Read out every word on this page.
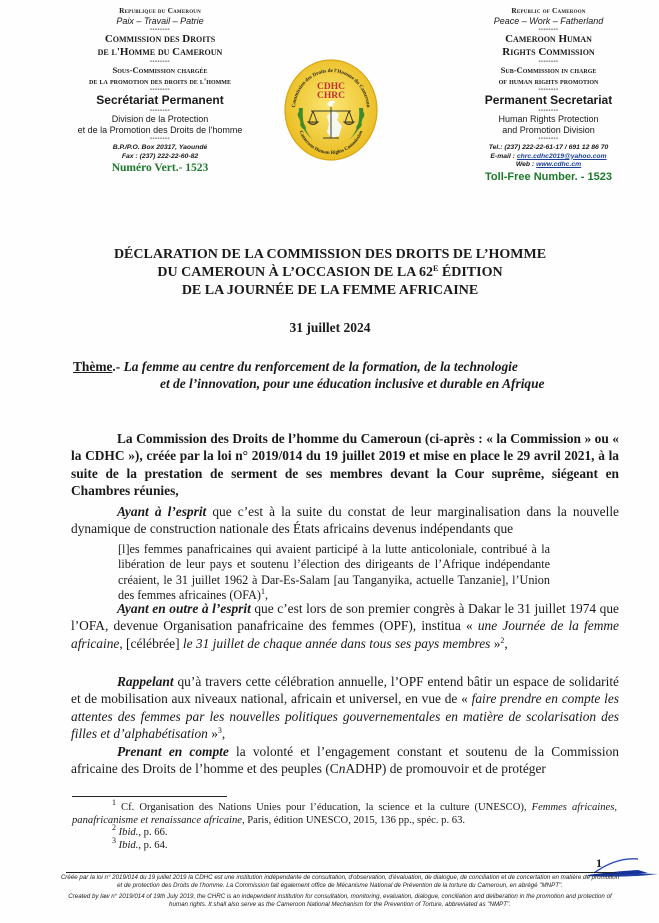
Republique du Cameroun
Paix – Travail – Patrie
--------
Commission des Droits
de l'Homme du Cameroun
--------
Sous-Commission chargée
de la promotion des droits de l'homme
--------
Secrétariat Permanent
--------
Division de la Protection
et de la Promotion des Droits de l'homme
--------
B.P./P.O. Box 20317, Yaoundé
Fax : (237) 222-22-60-82
Numéro Vert.- 1523
Commission des Droits de l'Homme du Cameroun
Cameroon Human Rights Commission
CDHC
CHRC
Republic of Cameroon
Peace – Work – Fatherland
--------
Cameroon Human
Rights Commission
--------
Sub-Commission in charge
of human rights promotion
--------
Permanent Secretariat
--------
Human Rights Protection
and Promotion Division
--------
Tel.: (237) 222-22-61-17 / 691 12 86 70
E-mail : chrc.cdhc2019@yahoo.com
Web : www.cdhc.cm
Toll-Free Number. - 1523
DÉCLARATION DE LA COMMISSION DES DROITS DE L’HOMME
DU CAMEROUN À L’OCCASION DE LA $62^E$ ÉDITION
DE LA JOURNÉE DE LA FEMME AFRICAINE
31 juillet 2024
Thème.- La femme au centre du renforcement de la formation, de la technologie
et de l’innovation, pour une éducation inclusive et durable en Afrique

La Commission des Droits de l’homme du Cameroun (ci-après : « la Commission » ou « la CDHC »), créée par la loi n° 2019/014 du 19 juillet 2019 et mise en place le 29 avril 2021, à la suite de la prestation de serment de ses membres devant la Cour suprême, siégeant en Chambres réunies,

Ayant à l’esprit que c’est à la suite du constat de leur marginalisation dans la nouvelle dynamique de construction nationale des États africains devenus indépendants que

[l]es femmes panafricaines qui avaient participé à la lutte anticoloniale, contribué à la libération de leur pays et soutenu l’élection des dirigeants de l’Afrique indépendante créaient, le 31 juillet 1962 à Dar-Es-Salam [au Tanganyika, actuelle Tanzanie], l’Union des femmes africaines (OFA)$^1$,

Ayant en outre à l’esprit que c’est lors de son premier congrès à Dakar le 31 juillet 1974 que l’OFA, devenue Organisation panafricaine des femmes (OPF), institua « une Journée de la femme africaine, [célébrée] le 31 juillet de chaque année dans tous ses pays membres »$^2$,

Rappelant qu’à travers cette célébration annuelle, l’OPF entend bâtir un espace de solidarité et de mobilisation aux niveaux national, africain et universel, en vue de « faire prendre en compte les attentes des femmes par les nouvelles politiques gouvernementales en matière de scolarisation des filles et d’alphabétisation »$^3$,

Prenant en compte la volonté et l’engagement constant et soutenu de la Commission africaine des Droits de l’homme et des peuples (CnADHP) de promouvoir et de protéger

$^1$ Cf. Organisation des Nations Unies pour l’éducation, la science et la culture (UNESCO), Femmes africaines, panafricanisme et renaissance africaine, Paris, édition UNESCO, 2015, 136 pp., spéc. p. 63.
$^2$ Ibid., p. 66.
$^3$ Ibid., p. 64.
1
Créée par la loi n° 2019/014 du 19 juillet 2019 la CDHC est une institution indépendante de consultation, d'observation, d'évaluation, de dialogue, de conciliation et de concertation en matière de promotion et de protection des Droits de l'homme. La Commission fait également office de Mécanisme National de Prévention de la torture du Cameroun, en abrégé "MNPT".
Created by law n° 2019/014 of 19th July 2019, the CHRC is an independent institution for consultation, monitoring, evaluation, dialogue, conciliation and deliberation in the promotion and protection of human rights. It shall also serve as the Cameroon National Mechanism for the Prevention of Torture, abbreviated as "NMPT".
